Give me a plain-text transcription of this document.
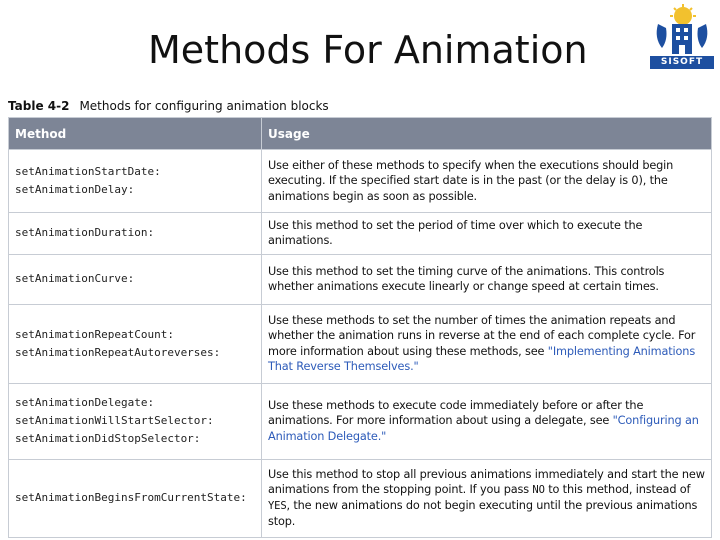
Methods For Animation	SISOFT
Table 4-2 Methods for configuring animation blocks
Method	Usage

setAnimationStartDate:
setAnimationDelay:	Use either of these methods to specify when the executions should begin executing. If the specified start date is in the past (or the delay is 0), the animations begin as soon as possible.

setAnimationDuration:	Use this method to set the period of time over which to execute the animations.

setAnimationCurve:	Use this method to set the timing curve of the animations. This controls whether animations execute linearly or change speed at certain times.

setAnimationRepeatCount:
setAnimationRepeatAutoreverses:	Use these methods to set the number of times the animation repeats and whether the animation runs in reverse at the end of each complete cycle. For more information about using these methods, see "Implementing Animations That Reverse Themselves."

setAnimationDelegate:
setAnimationWillStartSelector:
setAnimationDidStopSelector:	Use these methods to execute code immediately before or after the animations. For more information about using a delegate, see "Configuring an Animation Delegate."

setAnimationBeginsFromCurrentState:	Use this method to stop all previous animations immediately and start the new animations from the stopping point. If you pass NO to this method, instead of YES, the new animations do not begin executing until the previous animations stop.
